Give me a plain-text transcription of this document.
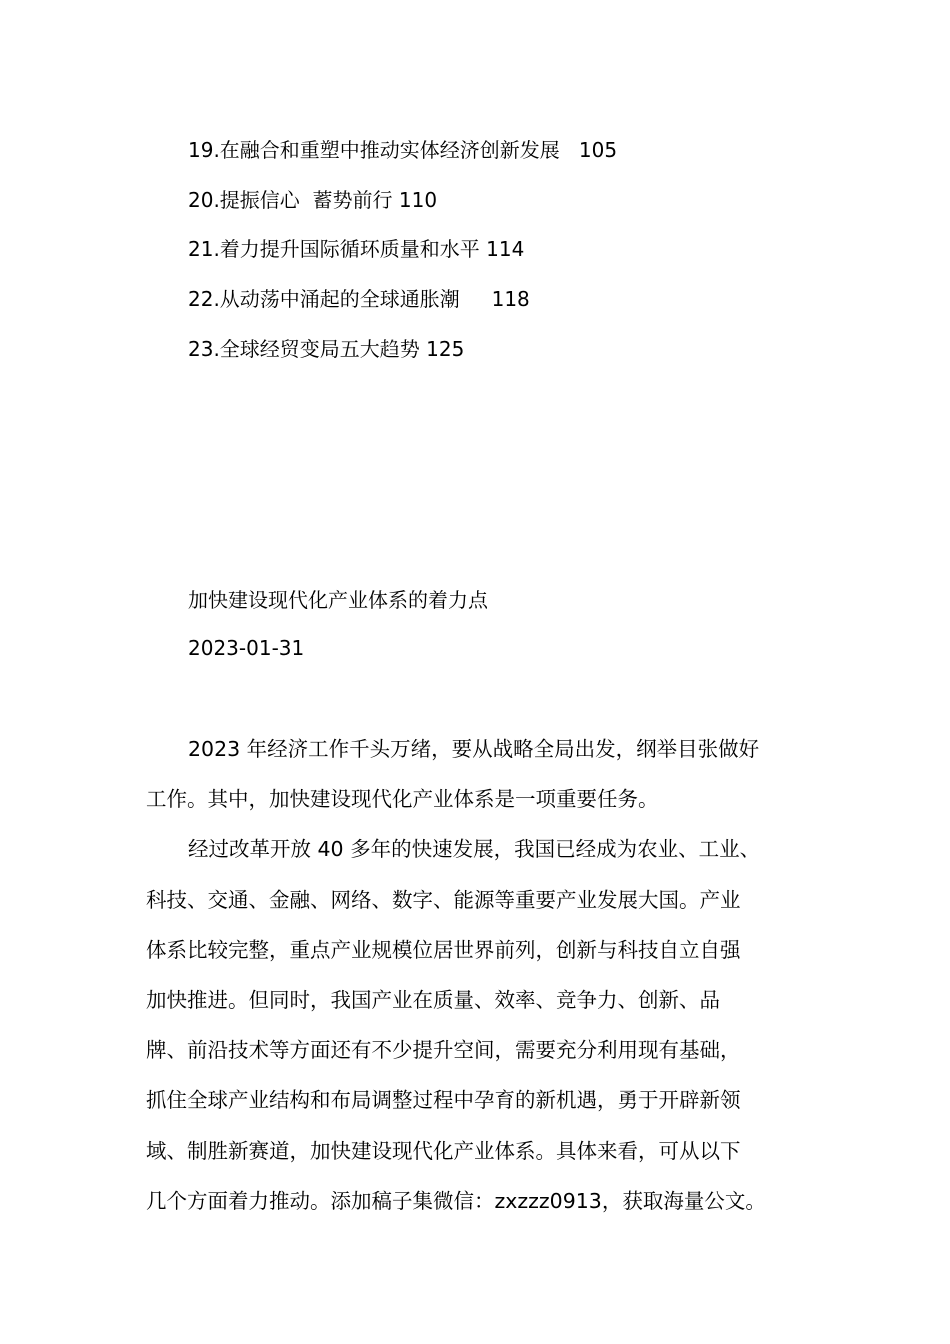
19.在融合和重塑中推动实体经济创新发展   105
20.提振信心  蓄势前行 110
21.着力提升国际循环质量和水平 114
22.从动荡中涌起的全球通胀潮     118
23.全球经贸变局五大趋势 125
加快建设现代化产业体系的着力点
2023-01-31
2023 年经济工作千头万绪，要从战略全局出发，纲举目张做好
工作。其中，加快建设现代化产业体系是一项重要任务。
经过改革开放 40 多年的快速发展，我国已经成为农业、工业、
科技、交通、金融、网络、数字、能源等重要产业发展大国。产业
体系比较完整，重点产业规模位居世界前列，创新与科技自立自强
加快推进。但同时，我国产业在质量、效率、竞争力、创新、品
牌、前沿技术等方面还有不少提升空间，需要充分利用现有基础，
抓住全球产业结构和布局调整过程中孕育的新机遇，勇于开辟新领
域、制胜新赛道，加快建设现代化产业体系。具体来看，可从以下
几个方面着力推动。添加稿子集微信：zxzzz0913，获取海量公文。
